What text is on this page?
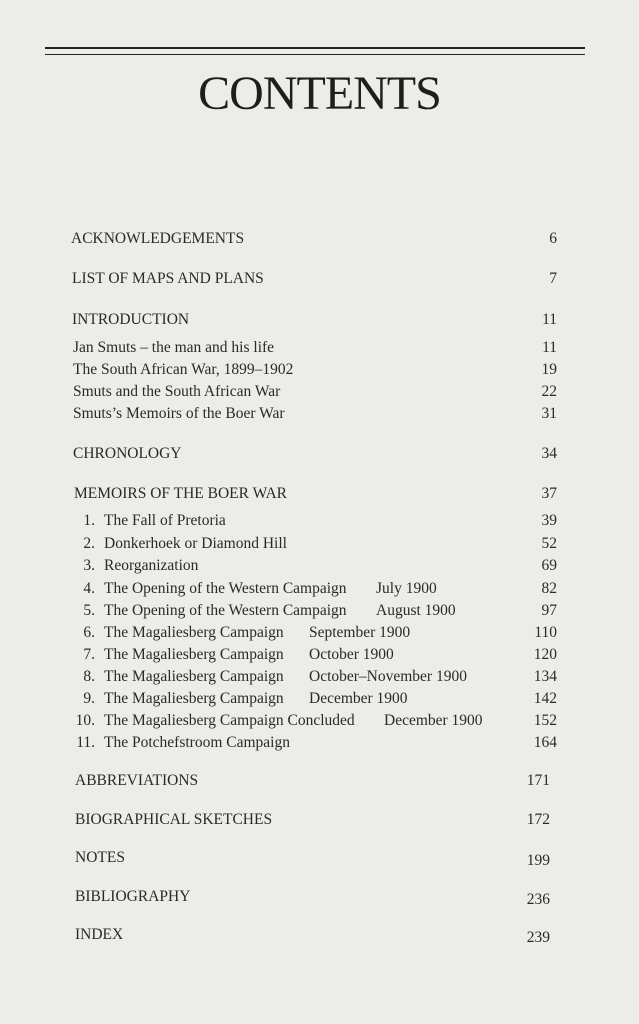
CONTENTS
ACKNOWLEDGEMENTS	6
LIST OF MAPS AND PLANS	7
INTRODUCTION	11
Jan Smuts – the man and his life	11
The South African War, 1899–1902	19
Smuts and the South African War	22
Smuts’s Memoirs of the Boer War	31
CHRONOLOGY	34
MEMOIRS OF THE BOER WAR	37
1. The Fall of Pretoria	39
2. Donkerhoek or Diamond Hill	52
3. Reorganization	69
4. The Opening of the Western Campaign July 1900	82
5. The Opening of the Western Campaign August 1900	97
6. The Magaliesberg Campaign September 1900	110
7. The Magaliesberg Campaign October 1900	120
8. The Magaliesberg Campaign October–November 1900	134
9. The Magaliesberg Campaign December 1900	142
10. The Magaliesberg Campaign Concluded December 1900	152
11. The Potchefstroom Campaign	164
ABBREVIATIONS	171
BIOGRAPHICAL SKETCHES	172
NOTES	199
BIBLIOGRAPHY	236
INDEX	239
